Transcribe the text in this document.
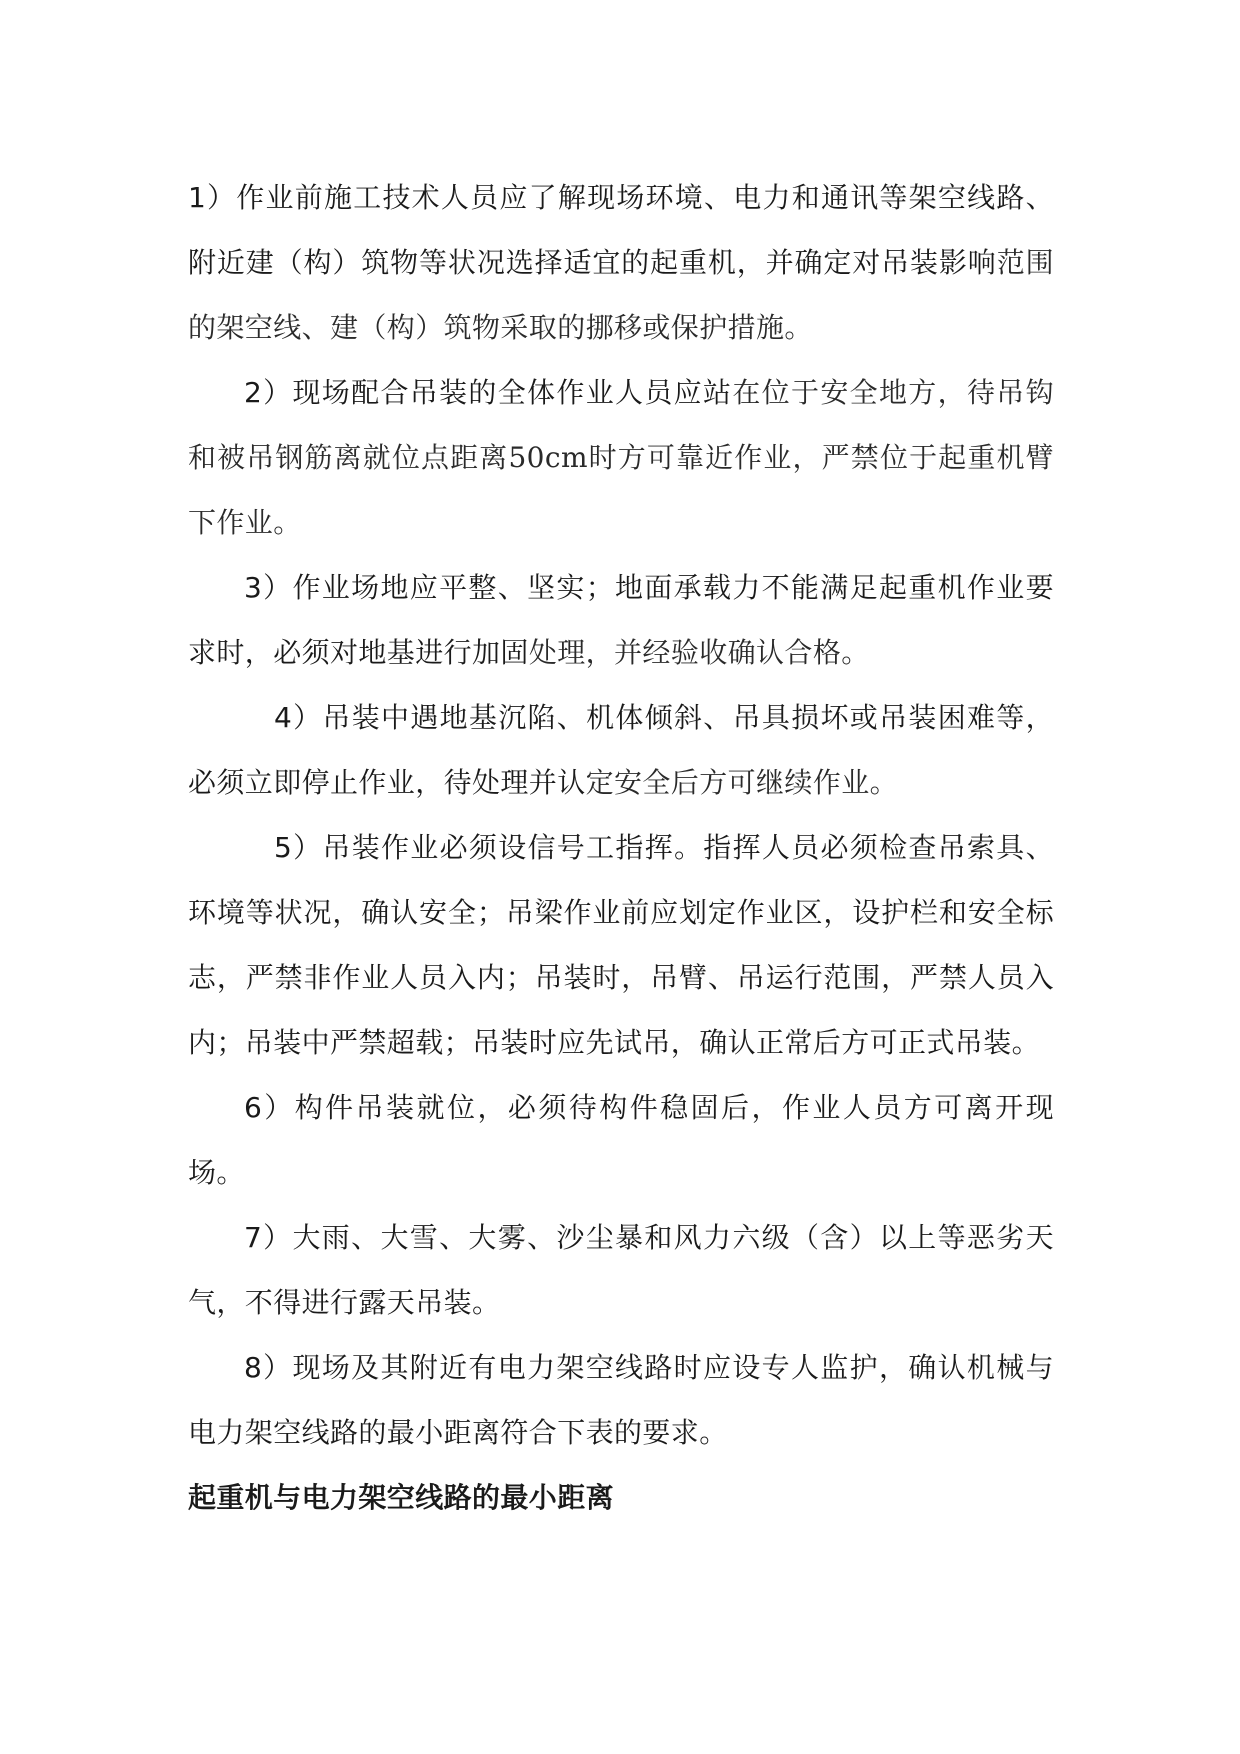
1）作业前施工技术人员应了解现场环境、电力和通讯等架空线路、附近建（构）筑物等状况选择适宜的起重机，并确定对吊装影响范围的架空线、建（构）筑物采取的挪移或保护措施。

2）现场配合吊装的全体作业人员应站在位于安全地方，待吊钩和被吊钢筋离就位点距离50cm时方可靠近作业，严禁位于起重机臂下作业。

3）作业场地应平整、坚实；地面承载力不能满足起重机作业要求时，必须对地基进行加固处理，并经验收确认合格。

4）吊装中遇地基沉陷、机体倾斜、吊具损坏或吊装困难等，必须立即停止作业，待处理并认定安全后方可继续作业。

5）吊装作业必须设信号工指挥。指挥人员必须检查吊索具、环境等状况，确认安全；吊梁作业前应划定作业区，设护栏和安全标志，严禁非作业人员入内；吊装时，吊臂、吊运行范围，严禁人员入内；吊装中严禁超载；吊装时应先试吊，确认正常后方可正式吊装。

6）构件吊装就位，必须待构件稳固后，作业人员方可离开现场。

7）大雨、大雪、大雾、沙尘暴和风力六级（含）以上等恶劣天气，不得进行露天吊装。

8）现场及其附近有电力架空线路时应设专人监护，确认机械与电力架空线路的最小距离符合下表的要求。

起重机与电力架空线路的最小距离
